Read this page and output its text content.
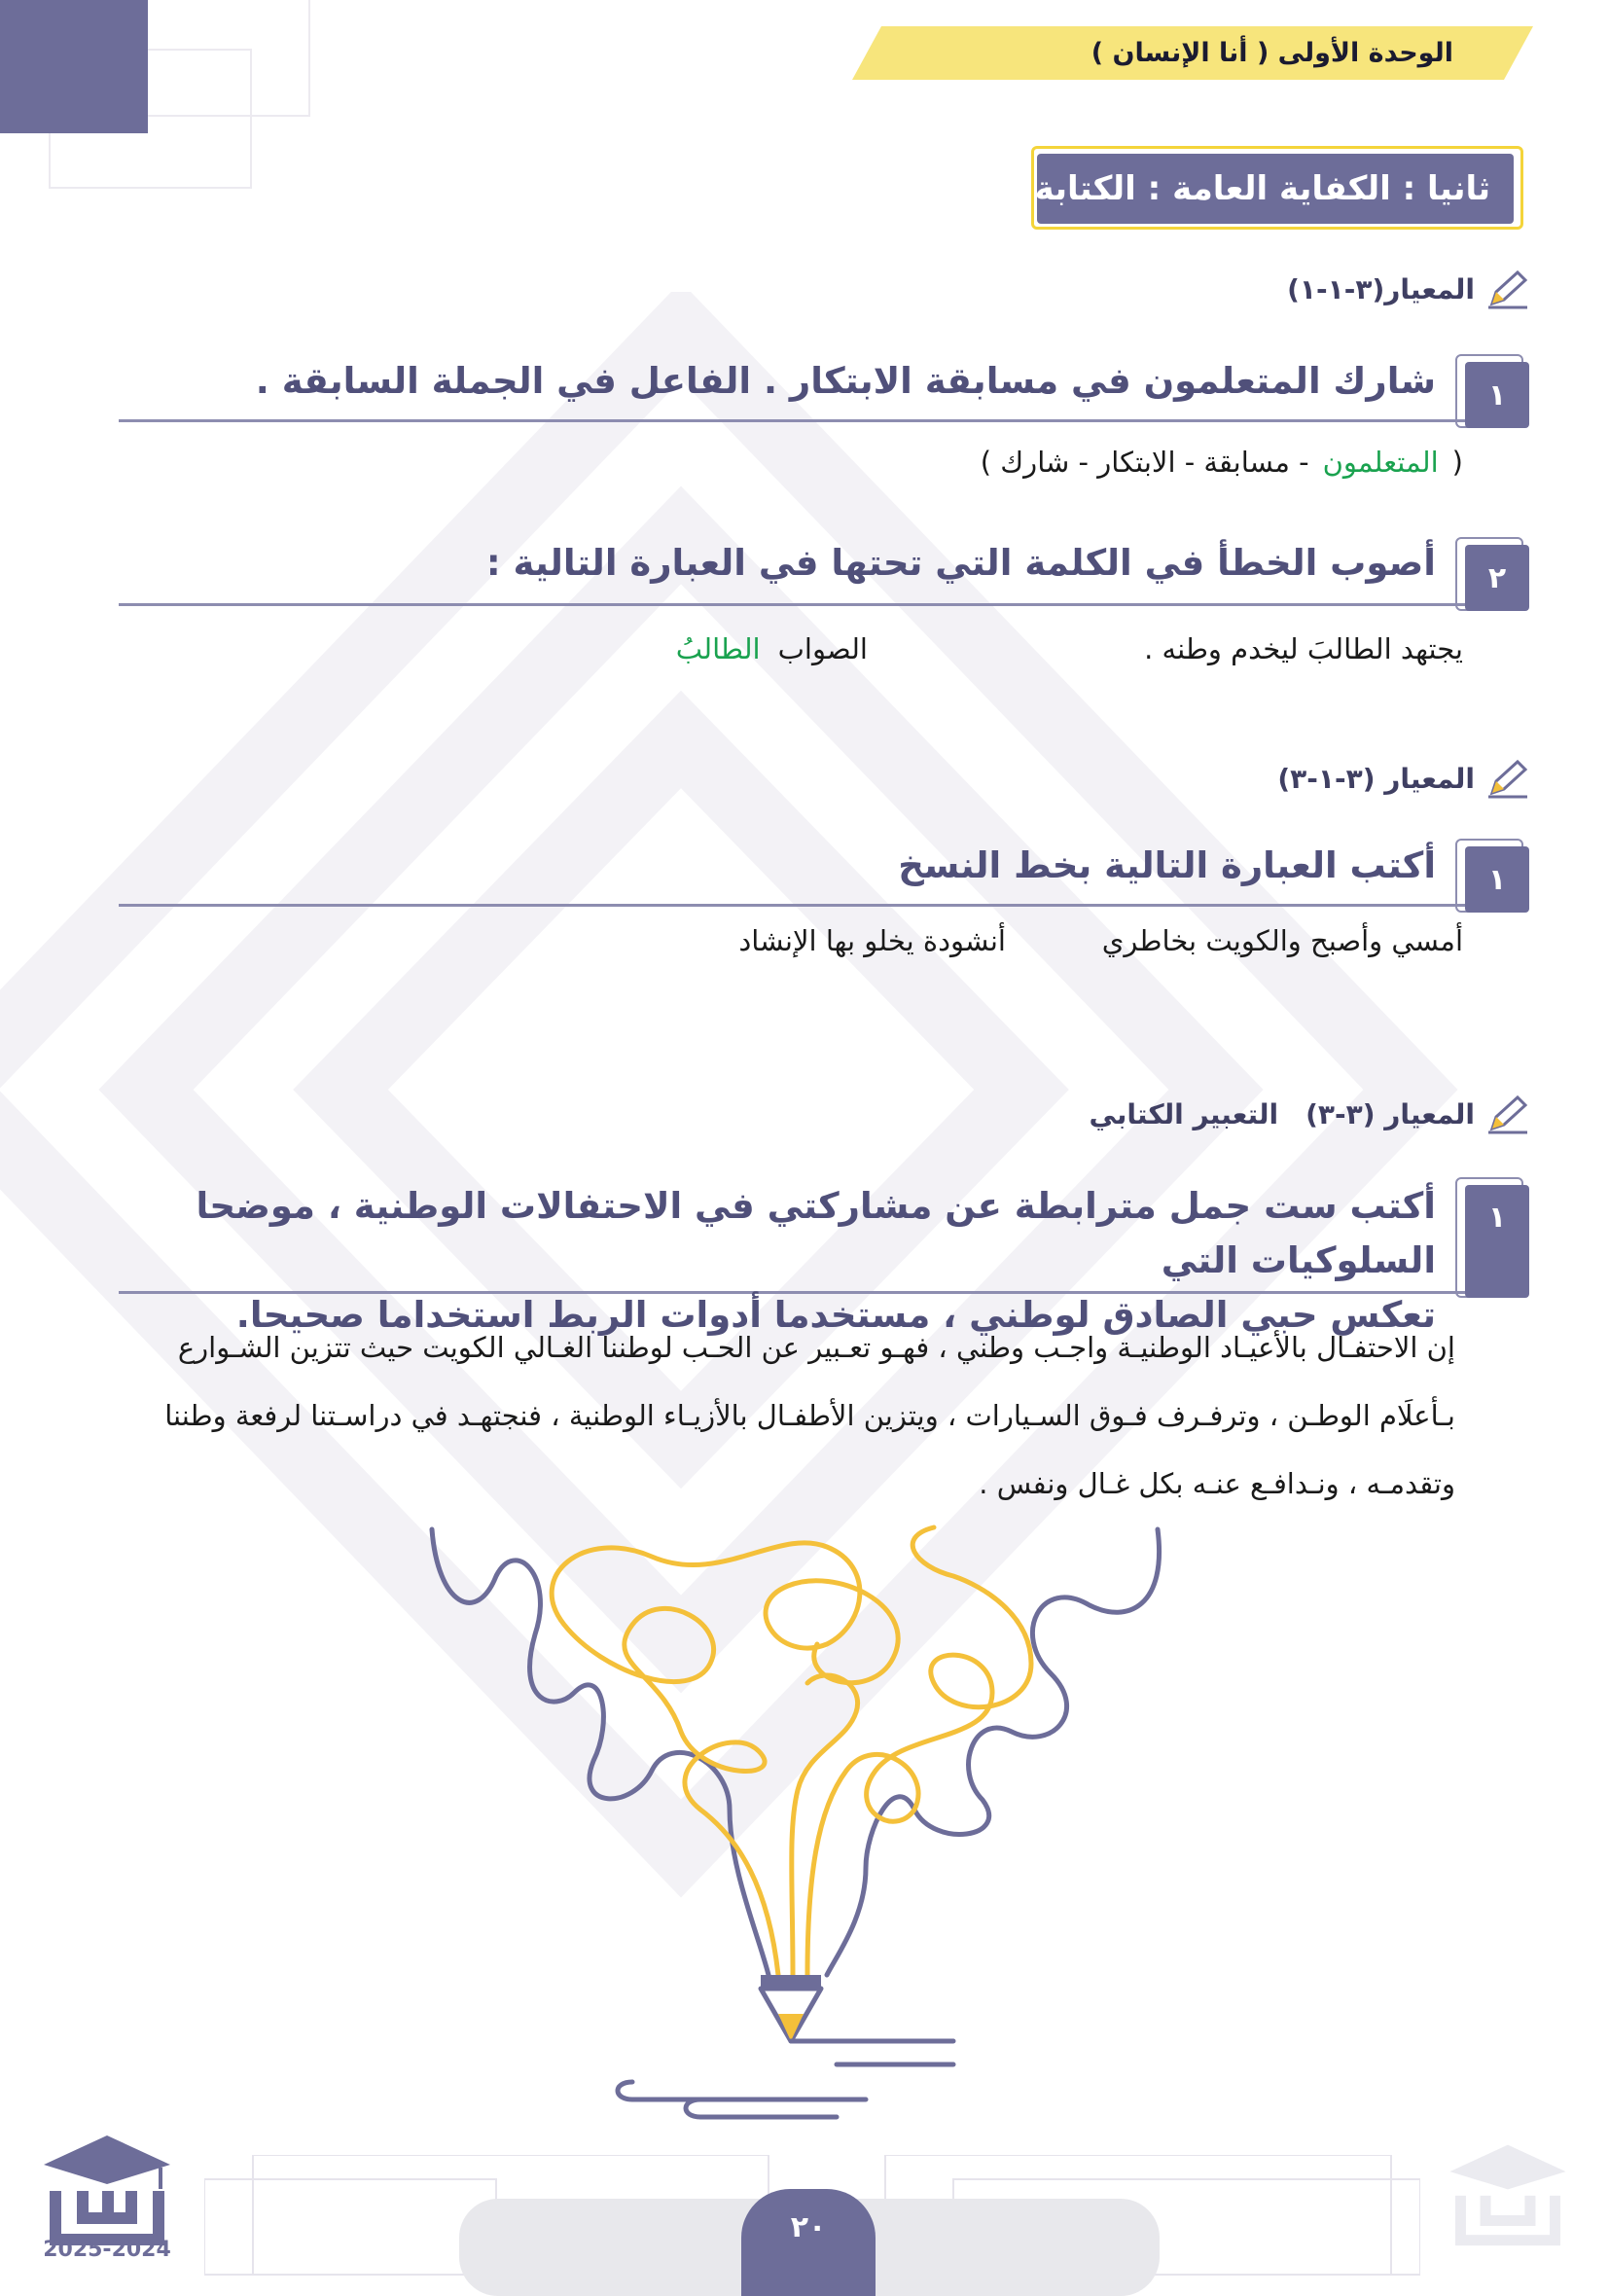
الوحدة الأولى ( أنا الإنسان )
ثانيا : الكفاية العامة : الكتابة
المعيار(٣-١-١)
١
شارك المتعلمون في مسابقة الابتكار . الفاعل في الجملة السابقة .
(
المتعلمون
- مسابقة - الابتكار - شارك )
٢
أصوب الخطأ في الكلمة التي تحتها في العبارة التالية :
يجتهد الطالبَ ليخدم وطنه .
الصواب
الطالبُ
المعيار (٣-١-٣)
١
أكتب العبارة التالية بخط النسخ
أمسي وأصبح والكويت بخاطري
أنشودة يخلو بها الإنشاد
المعيار (٣-٣)
التعبير الكتابي
١
أكتب ست جمل مترابطة عن مشاركتي في الاحتفالات الوطنية ، موضحا السلوكيات التي
تعكس حبي الصادق لوطني ، مستخدما أدوات الربط استخداما صحيحا.
إن الاحتفـال بالأعيـاد الوطنيـة واجـب وطني ، فهـو تعـبير عن الحـب لوطننا الغـالي الكويت حيث تتزين الشـوارع
بـأعلَام الوطـن ، وترفـرف فـوق السـيارات ، ويتزين الأطفـال بالأزيـاء الوطنية ، فنجتهـد في دراسـتنا لرفعة وطننا
وتقدمـه ، ونـدافـع عنـه بكل غـال ونفس .
٢٠
2025-2024
